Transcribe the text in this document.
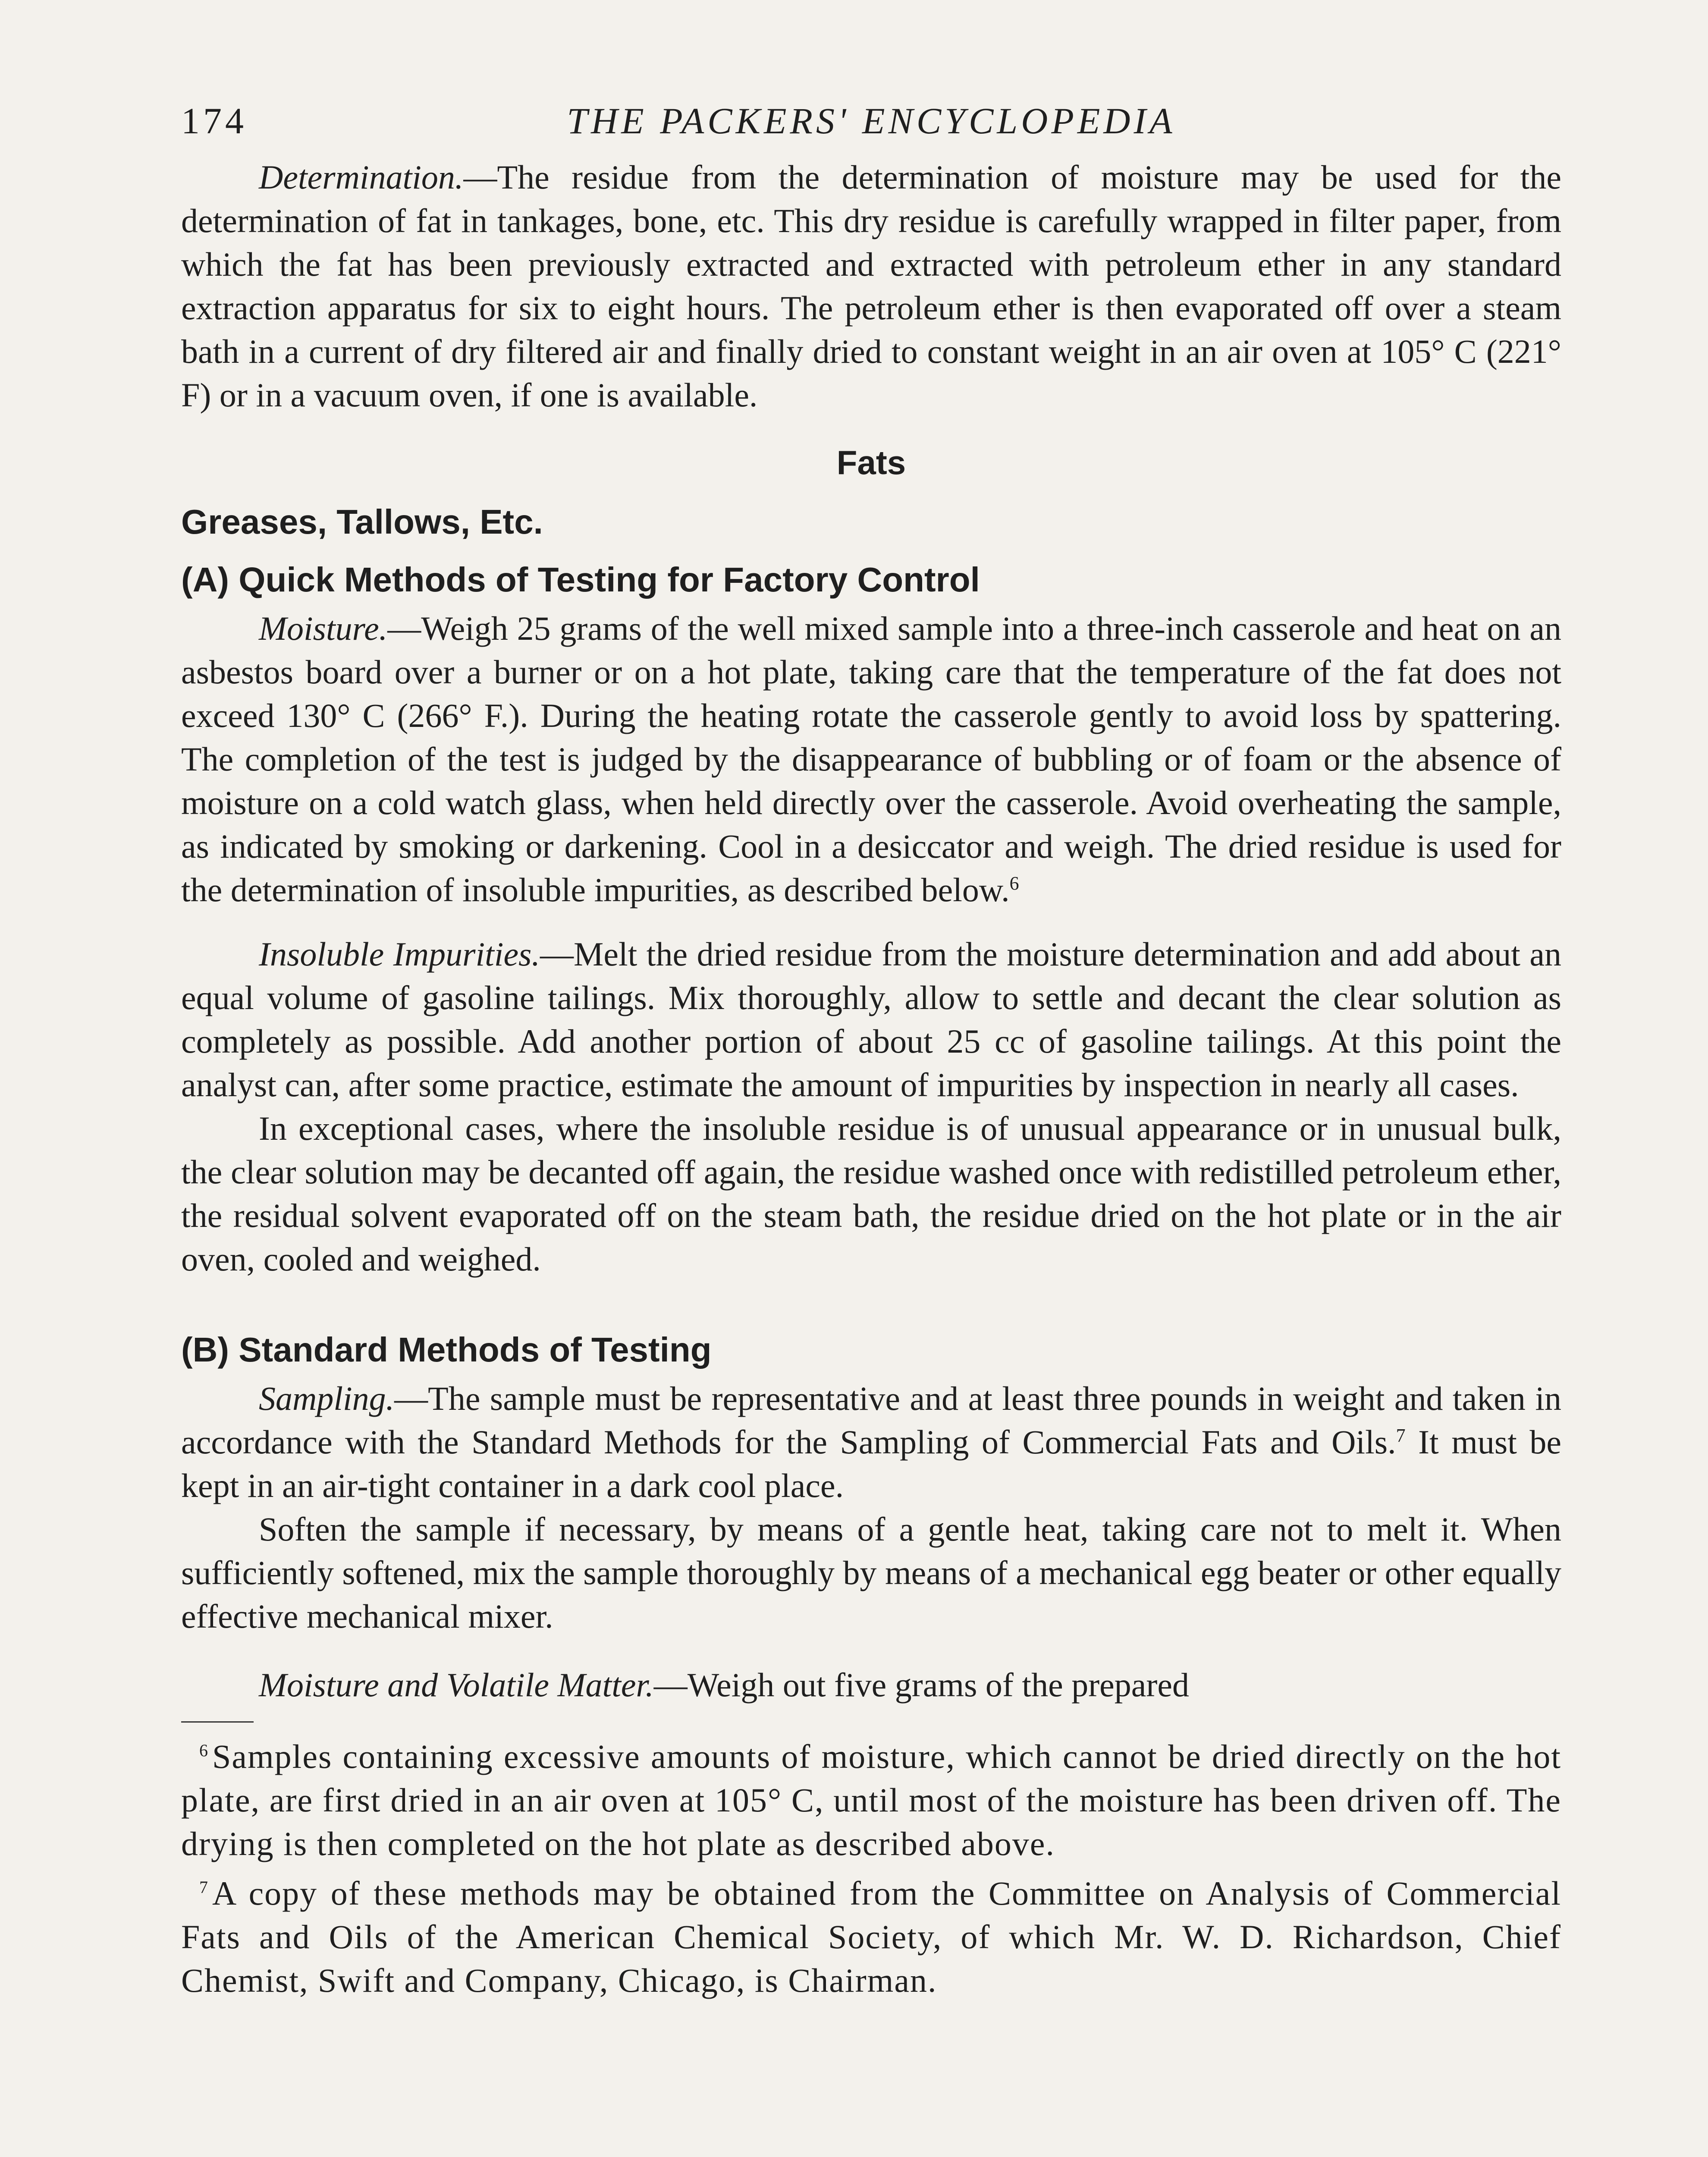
174	THE PACKERS' ENCYCLOPEDIA

Determination.—The residue from the determination of moisture may be used for the determination of fat in tankages, bone, etc. This dry residue is carefully wrapped in filter paper, from which the fat has been previously extracted and extracted with petroleum ether in any standard extraction apparatus for six to eight hours. The petroleum ether is then evaporated off over a steam bath in a current of dry filtered air and finally dried to constant weight in an air oven at 105° C (221° F) or in a vacuum oven, if one is available.

Fats
Greases, Tallows, Etc.
(A) Quick Methods of Testing for Factory Control

Moisture.—Weigh 25 grams of the well mixed sample into a three-inch casserole and heat on an asbestos board over a burner or on a hot plate, taking care that the temperature of the fat does not exceed 130° C (266° F.). During the heating rotate the casserole gently to avoid loss by spattering. The completion of the test is judged by the disappearance of bubbling or of foam or the absence of moisture on a cold watch glass, when held directly over the casserole. Avoid overheating the sample, as indicated by smoking or darkening. Cool in a desiccator and weigh. The dried residue is used for the determination of insoluble impurities, as described below.$^6$

Insoluble Impurities.—Melt the dried residue from the moisture determination and add about an equal volume of gasoline tailings. Mix thoroughly, allow to settle and decant the clear solution as completely as possible. Add another portion of about 25 cc of gasoline tailings. At this point the analyst can, after some practice, estimate the amount of impurities by inspection in nearly all cases.

In exceptional cases, where the insoluble residue is of unusual appearance or in unusual bulk, the clear solution may be decanted off again, the residue washed once with redistilled petroleum ether, the residual solvent evaporated off on the steam bath, the residue dried on the hot plate or in the air oven, cooled and weighed.

(B) Standard Methods of Testing

Sampling.—The sample must be representative and at least three pounds in weight and taken in accordance with the Standard Methods for the Sampling of Commercial Fats and Oils.$^7$ It must be kept in an air-tight container in a dark cool place.

Soften the sample if necessary, by means of a gentle heat, taking care not to melt it. When sufficiently softened, mix the sample thoroughly by means of a mechanical egg beater or other equally effective mechanical mixer.

Moisture and Volatile Matter.—Weigh out five grams of the prepared

$^6$ Samples containing excessive amounts of moisture, which cannot be dried directly on the hot plate, are first dried in an air oven at 105° C, until most of the moisture has been driven off. The drying is then completed on the hot plate as described above.

$^7$ A copy of these methods may be obtained from the Committee on Analysis of Commercial Fats and Oils of the American Chemical Society, of which Mr. W. D. Richardson, Chief Chemist, Swift and Company, Chicago, is Chairman.
